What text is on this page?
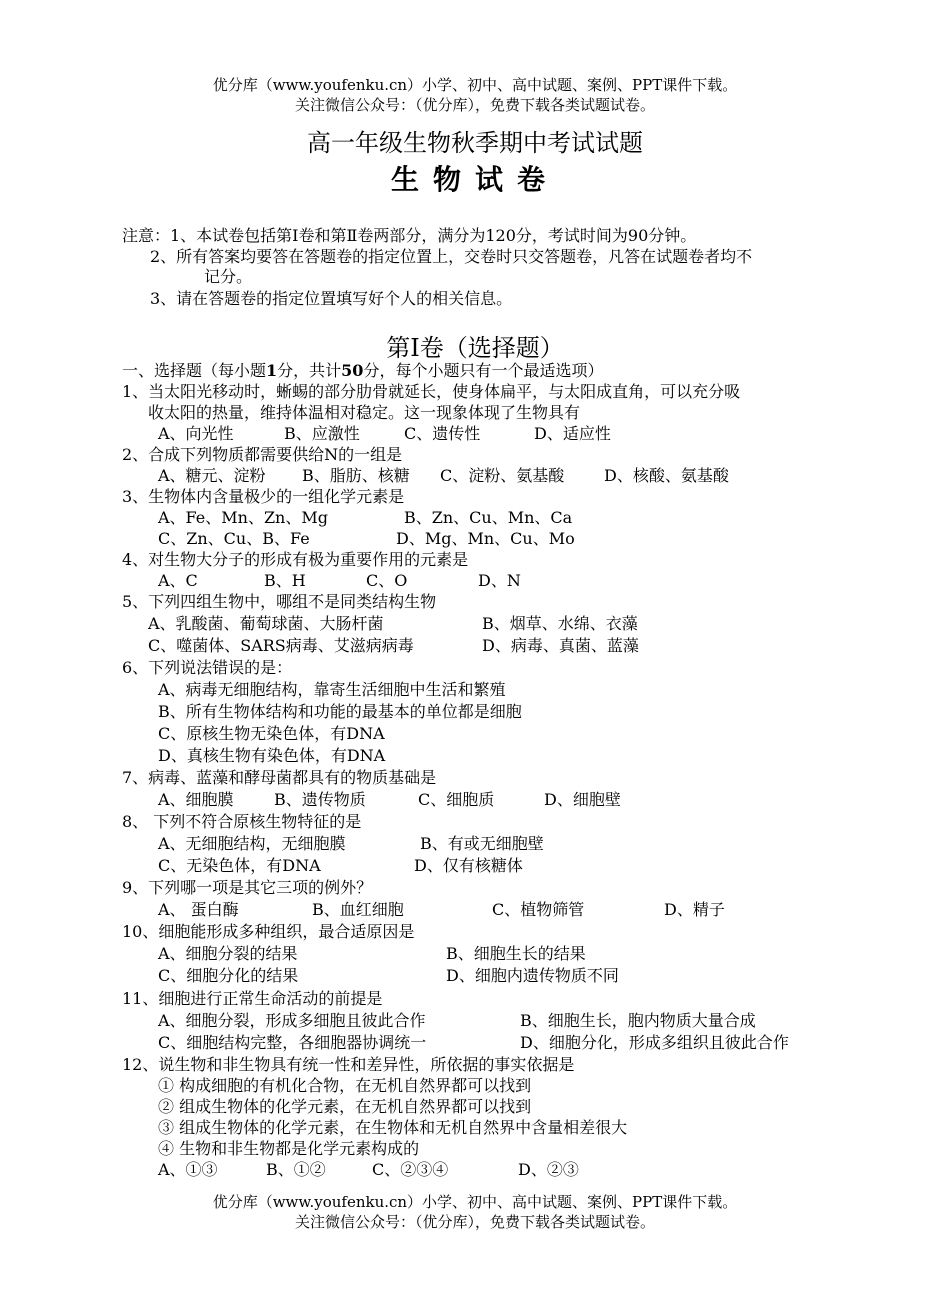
优分库（www.youfenku.cn）小学、初中、高中试题、案例、PPT课件下载。
关注微信公众号：（优分库），免费下载各类试题试卷。
高一年级生物秋季期中考试试题
生物试卷
注意：1、本试卷包括第Ⅰ卷和第Ⅱ卷两部分，满分为120分，考试时间为90分钟。
2、所有答案均要答在答题卷的指定位置上，交卷时只交答题卷，凡答在试题卷者均不
记分。
3、请在答题卷的指定位置填写好个人的相关信息。
第Ⅰ卷（选择题）
一、选择题（每小题1分，共计50分，每个小题只有一个最适选项）
1、当太阳光移动时，蜥蜴的部分肋骨就延长，使身体扁平，与太阳成直角，可以充分吸
收太阳的热量，维持体温相对稳定。这一现象体现了生物具有
A、向光性	B、应激性	C、遗传性	D、适应性
2、合成下列物质都需要供给N的一组是
A、糖元、淀粉 B、脂肪、核糖 C、淀粉、氨基酸 D、核酸、氨基酸
3、生物体内含量极少的一组化学元素是
A、Fe、Mn、Zn、Mg	B、Zn、Cu、Mn、Ca
C、Zn、Cu、B、Fe	D、Mg、Mn、Cu、Mo
4、对生物大分子的形成有极为重要作用的元素是
A、C	B、H	C、O	D、N
5、下列四组生物中，哪组不是同类结构生物
A、乳酸菌、葡萄球菌、大肠杆菌	B、烟草、水绵、衣藻
C、噬菌体、SARS病毒、艾滋病病毒	D、病毒、真菌、蓝藻
6、下列说法错误的是：
A、病毒无细胞结构，靠寄生活细胞中生活和繁殖
B、所有生物体结构和功能的最基本的单位都是细胞
C、原核生物无染色体，有DNA
D、真核生物有染色体，有DNA
7、病毒、蓝藻和酵母菌都具有的物质基础是
A、细胞膜	B、遗传物质	C、细胞质	D、细胞壁
8、 下列不符合原核生物特征的是
A、无细胞结构，无细胞膜	B、有或无细胞壁
C、无染色体，有DNA	D、仅有核糖体
9、下列哪一项是其它三项的例外？
A、 蛋白酶	B、血红细胞	C、植物筛管	D、精子
10、细胞能形成多种组织，最合适原因是
A、细胞分裂的结果	B、细胞生长的结果
C、细胞分化的结果	D、细胞内遗传物质不同
11、细胞进行正常生命活动的前提是
A、细胞分裂，形成多细胞且彼此合作	B、细胞生长，胞内物质大量合成
C、细胞结构完整，各细胞器协调统一	D、细胞分化，形成多组织且彼此合作
12、说生物和非生物具有统一性和差异性，所依据的事实依据是
① 构成细胞的有机化合物，在无机自然界都可以找到
② 组成生物体的化学元素，在无机自然界都可以找到
③ 组成生物体的化学元素，在生物体和无机自然界中含量相差很大
④ 生物和非生物都是化学元素构成的
A、①③	B、①②	C、②③④	D、②③
优分库（www.youfenku.cn）小学、初中、高中试题、案例、PPT课件下载。
关注微信公众号：（优分库），免费下载各类试题试卷。
